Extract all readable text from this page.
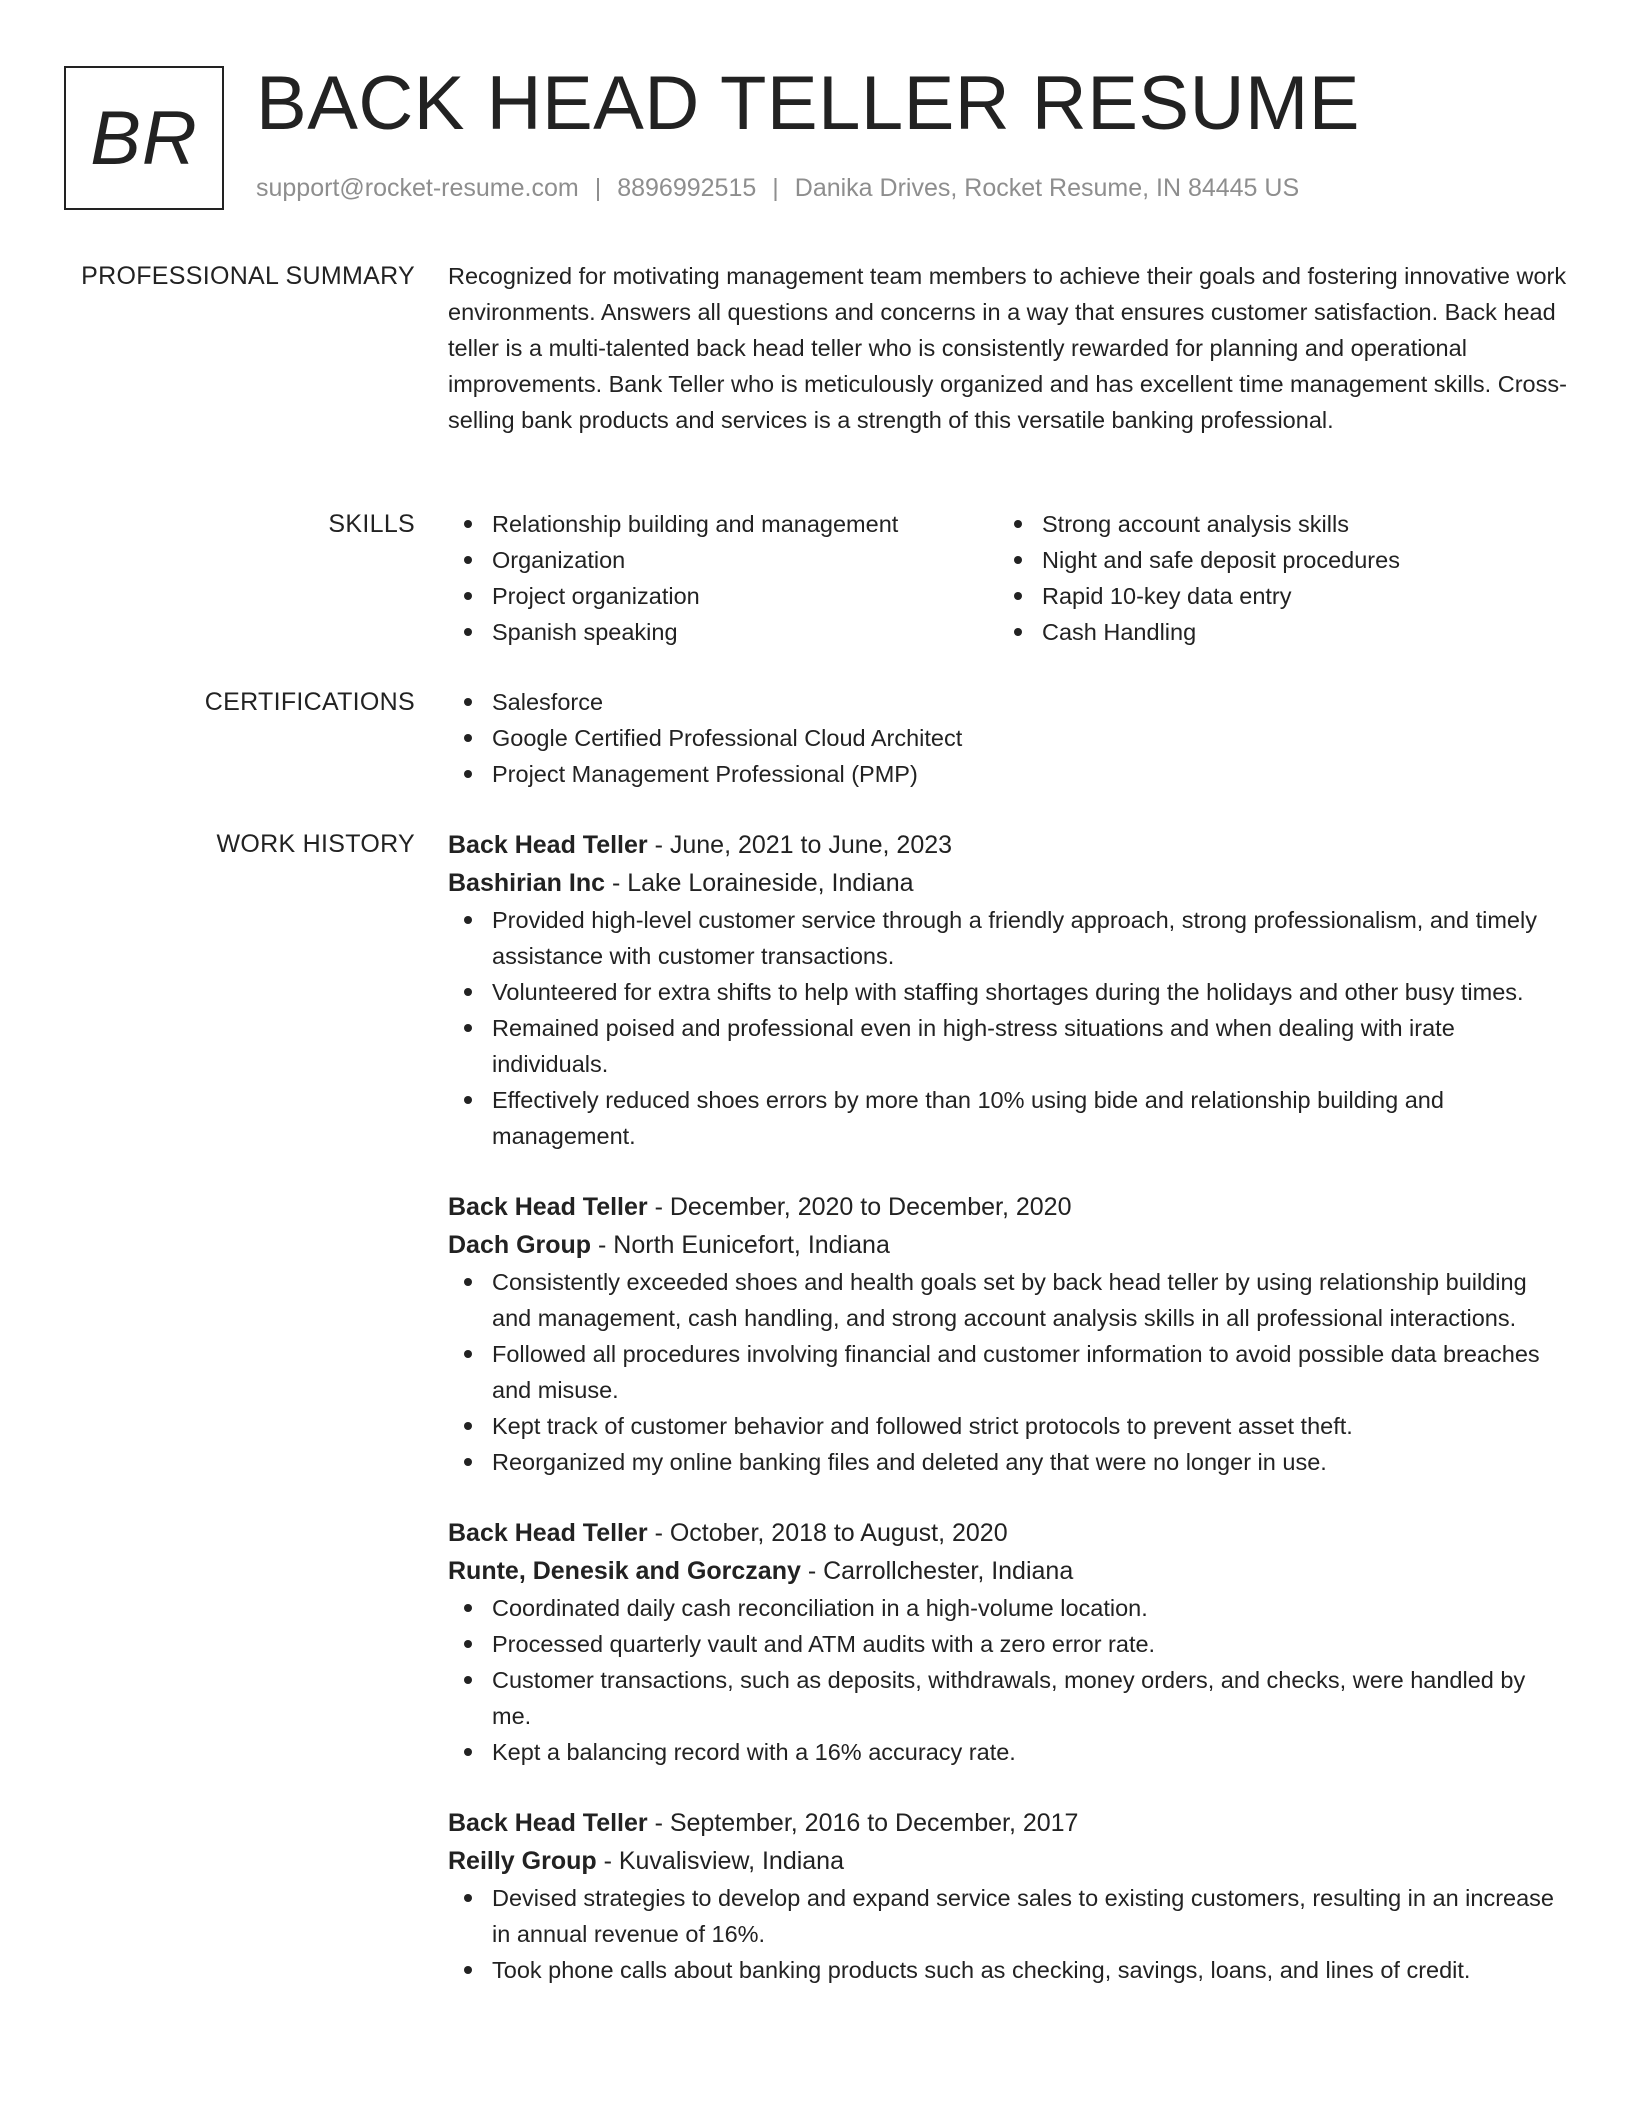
BR BACK HEAD TELLER RESUME
support@rocket-resume.com | 8896992515 | Danika Drives, Rocket Resume, IN 84445 US
PROFESSIONAL SUMMARY Recognized for motivating management team members to achieve their goals and fostering innovative work environments. Answers all questions and concerns in a way that ensures customer satisfaction. Back head teller is a multi-talented back head teller who is consistently rewarded for planning and operational improvements. Bank Teller who is meticulously organized and has excellent time management skills. Cross-selling bank products and services is a strength of this versatile banking professional.

SKILLS	Relationship building and management
Organization
Project organization
Spanish speaking
Strong account analysis skills
Night and safe deposit procedures
Rapid 10-key data entry
Cash Handling
CERTIFICATIONS	Salesforce
Google Certified Professional Cloud Architect
Project Management Professional (PMP)
WORK HISTORY Back Head Teller - June, 2021 to June, 2023
Bashirian Inc - Lake Loraineside, Indiana
Provided high-level customer service through a friendly approach, strong professionalism, and timely assistance with customer transactions.
Volunteered for extra shifts to help with staffing shortages during the holidays and other busy times.
Remained poised and professional even in high-stress situations and when dealing with irate individuals.
Effectively reduced shoes errors by more than 10% using bide and relationship building and management.
Back Head Teller - December, 2020 to December, 2020
Dach Group - North Eunicefort, Indiana
Consistently exceeded shoes and health goals set by back head teller by using relationship building and management, cash handling, and strong account analysis skills in all professional interactions.
Followed all procedures involving financial and customer information to avoid possible data breaches and misuse.
Kept track of customer behavior and followed strict protocols to prevent asset theft.
Reorganized my online banking files and deleted any that were no longer in use.
Back Head Teller - October, 2018 to August, 2020
Runte, Denesik and Gorczany - Carrollchester, Indiana
Coordinated daily cash reconciliation in a high-volume location.
Processed quarterly vault and ATM audits with a zero error rate.
Customer transactions, such as deposits, withdrawals, money orders, and checks, were handled by me.
Kept a balancing record with a 16% accuracy rate.
Back Head Teller - September, 2016 to December, 2017
Reilly Group - Kuvalisview, Indiana
Devised strategies to develop and expand service sales to existing customers, resulting in an increase in annual revenue of 16%.
Took phone calls about banking products such as checking, savings, loans, and lines of credit.
